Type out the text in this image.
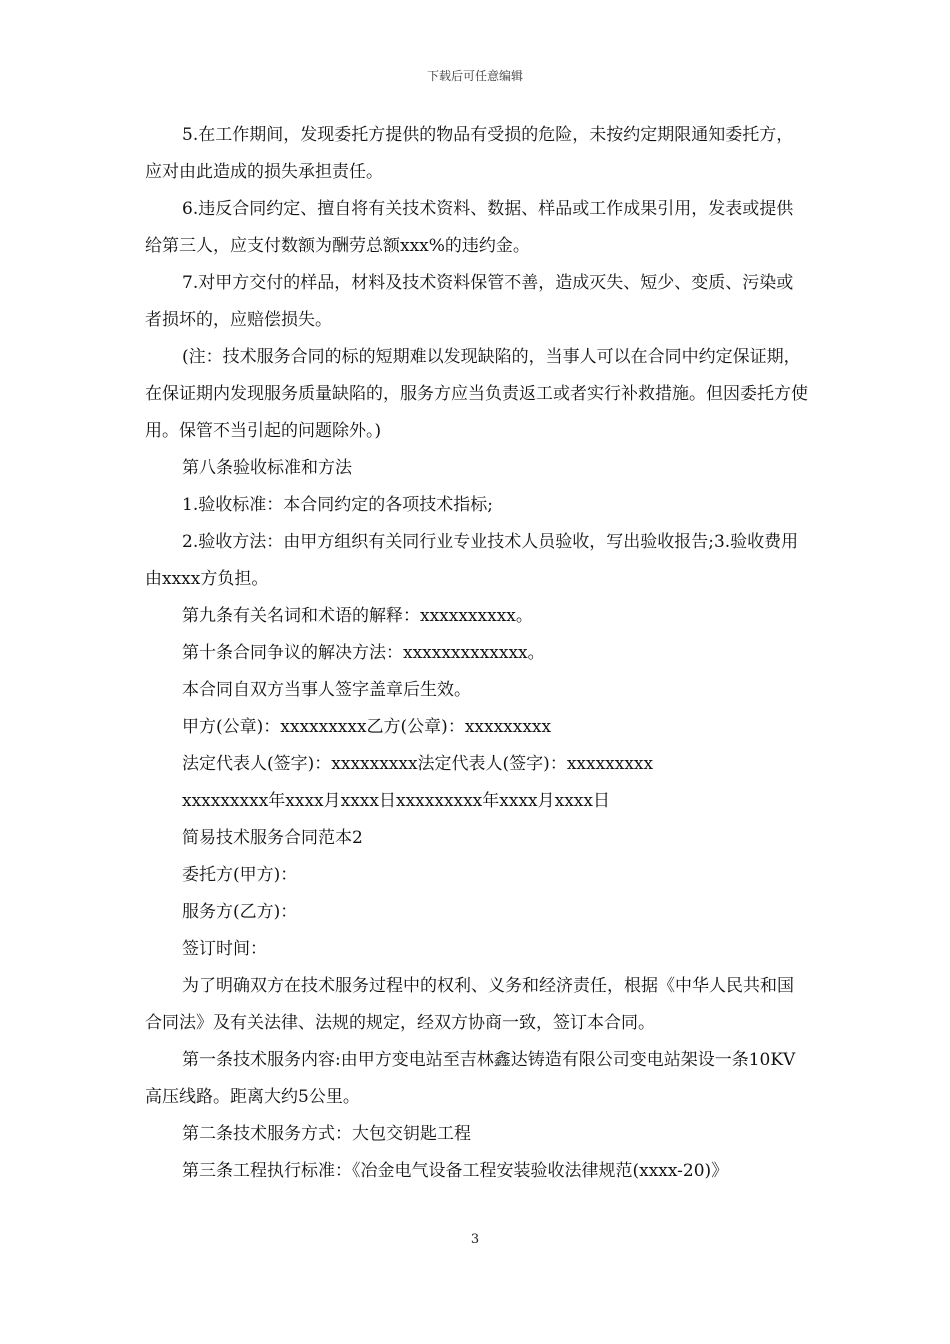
下载后可任意编辑

5.在工作期间，发现委托方提供的物品有受损的危险，未按约定期限通知委托方，应对由此造成的损失承担责任。

6.违反合同约定、擅自将有关技术资料、数据、样品或工作成果引用，发表或提供给第三人，应支付数额为酬劳总额xxx%的违约金。

7.对甲方交付的样品，材料及技术资料保管不善，造成灭失、短少、变质、污染或者损坏的，应赔偿损失。

(注：技术服务合同的标的短期难以发现缺陷的，当事人可以在合同中约定保证期，在保证期内发现服务质量缺陷的，服务方应当负责返工或者实行补救措施。但因委托方使用。保管不当引起的问题除外。)

第八条验收标准和方法

1.验收标准：本合同约定的各项技术指标;

2.验收方法：由甲方组织有关同行业专业技术人员验收，写出验收报告;3.验收费用由xxxx方负担。

第九条有关名词和术语的解释：xxxxxxxxxx。

第十条合同争议的解决方法：xxxxxxxxxxxxx。

本合同自双方当事人签字盖章后生效。

甲方(公章)：xxxxxxxxx乙方(公章)：xxxxxxxxx

法定代表人(签字)：xxxxxxxxx法定代表人(签字)：xxxxxxxxx

xxxxxxxxx年xxxx月xxxx日xxxxxxxxx年xxxx月xxxx日

简易技术服务合同范本2

委托方(甲方)：

服务方(乙方)：

签订时间：

为了明确双方在技术服务过程中的权利、义务和经济责任，根据《中华人民共和国合同法》及有关法律、法规的规定，经双方协商一致，签订本合同。

第一条技术服务内容:由甲方变电站至吉林鑫达铸造有限公司变电站架设一条10KV高压线路。距离大约5公里。

第二条技术服务方式：大包交钥匙工程

第三条工程执行标准：《冶金电气设备工程安装验收法律规范(xxxx-20)》

3
